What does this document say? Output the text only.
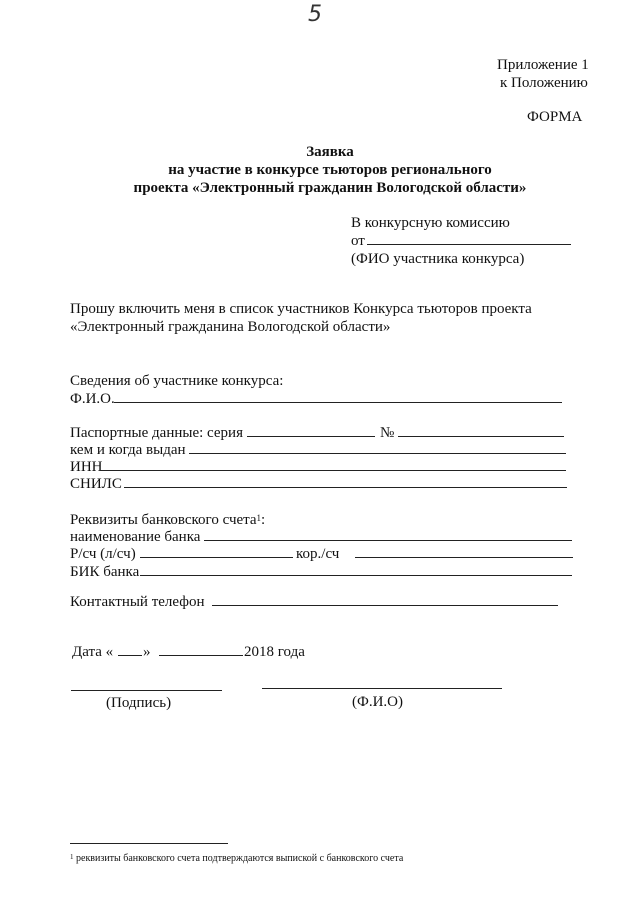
5
Приложение 1
к Положению
ФОРМА
Заявка
на участие в конкурсе тьюторов регионального
проекта «Электронный гражданин Вологодской области»
В конкурсную комиссию
от
(ФИО участника конкурса)
Прошу включить меня в список участников Конкурса тьюторов проекта
«Электронный гражданина Вологодской области»
Сведения об участнике конкурса:
Ф.И.О.
Паспортные данные: серия	№
кем и когда выдан
ИНН
СНИЛС
Реквизиты банковского счета$^1$:
наименование банка
Р/сч (л/сч)	кор./сч
БИК банка
Контактный телефон
Дата « »	2018 года
(Подпись)	(Ф.И.О)
$^1$ реквизиты банковского счета подтверждаются выпиской с банковского счета
